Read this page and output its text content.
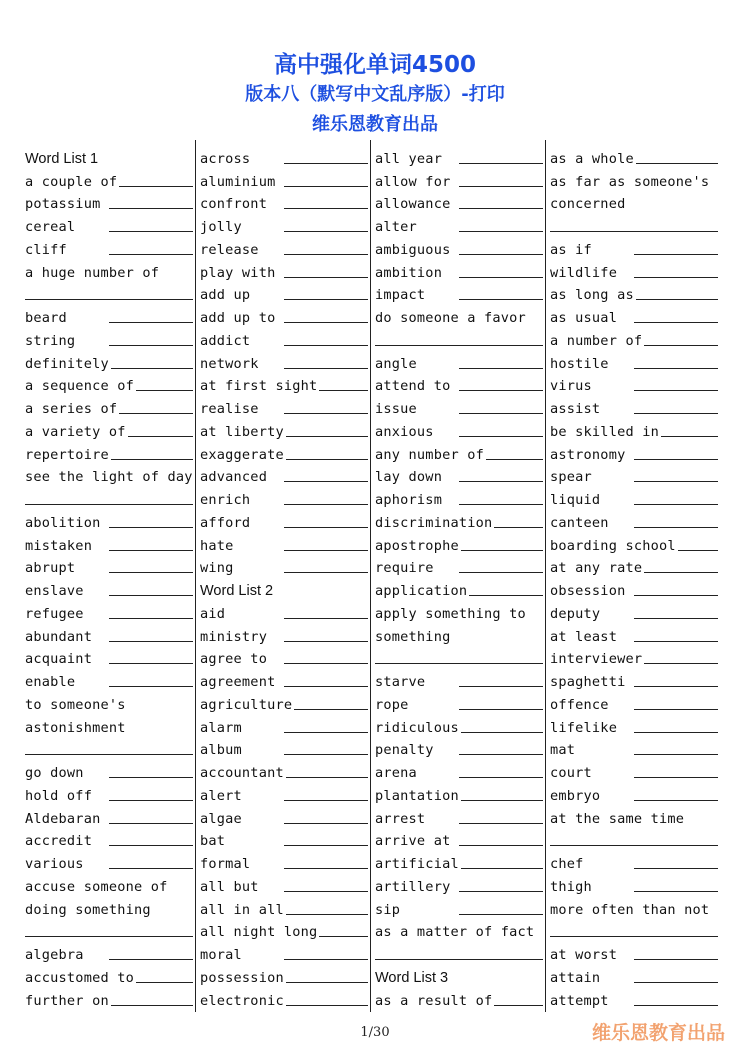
高中强化单词4500
版本八（默写中文乱序版）-打印
维乐恩教育出品
Word List 1
a couple of
potassium
cereal
cliff
a huge number of
beard
string
definitely
a sequence of
a series of
a variety of
repertoire
see the light of day
abolition
mistaken
abrupt
enslave
refugee
abundant
acquaint
enable
to someone's
astonishment
go down
hold off
Aldebaran
accredit
various
accuse someone of
doing something
algebra
accustomed to
further on
across
aluminium
confront
jolly
release
play with
add up
add up to
addict
network
at first sight
realise
at liberty
exaggerate
advanced
enrich
afford
hate
wing
Word List 2
aid
ministry
agree to
agreement
agriculture
alarm
album
accountant
alert
algae
bat
formal
all but
all in all
all night long
moral
possession
electronic
all year
allow for
allowance
alter
ambiguous
ambition
impact
do someone a favor
angle
attend to
issue
anxious
any number of
lay down
aphorism
discrimination
apostrophe
require
application
apply something to
something
starve
rope
ridiculous
penalty
arena
plantation
arrest
arrive at
artificial
artillery
sip
as a matter of fact
Word List 3
as a result of
as a whole
as far as someone's
concerned
as if
wildlife
as long as
as usual
a number of
hostile
virus
assist
be skilled in
astronomy
spear
liquid
canteen
boarding school
at any rate
obsession
deputy
at least
interviewer
spaghetti
offence
lifelike
mat
court
embryo
at the same time
chef
thigh
more often than not
at worst
attain
attempt
1/30	维乐恩教育出品
